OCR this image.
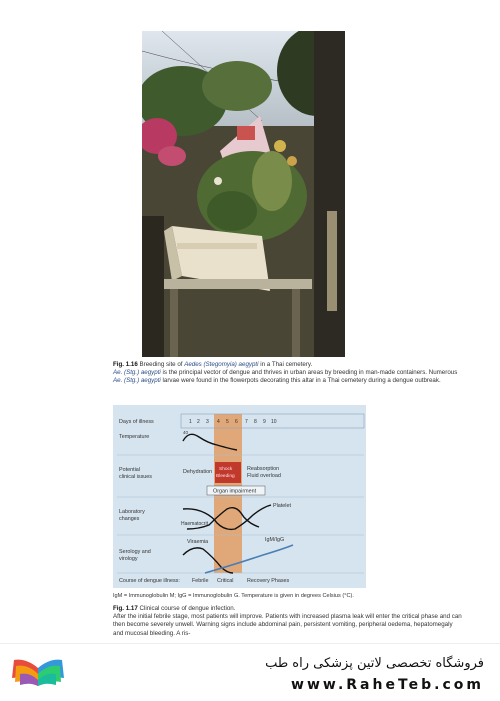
Fig. 1.16 Breeding site of Aedes (Stegomyia) aegypti in a Thai cemetery.
Ae. (Stg.) aegypti is the principal vector of dengue and thrives in urban areas by breeding in man-made containers. Numerous Ae. (Stg.) aegypti larvae were found in the flowerpots decorating this altar in a Thai cemetery during a dengue outbreak.
Days of illness	1 2 3 4 5 6 7 8 9 10
Temperature
40
Potential
clinical issues
Dehydration Shock
Bleeding
Reabsorption
Fluid overload
Organ impairment
Laboratory
changes
Platelet
Haematocrit
Serology and
virology
Viraemia	IgM/IgG
Course of dengue illness: Febrile Critical	Recovery Phases
IgM = Immunoglobulin M; IgG = Immunoglobulin G. Temperature is given in degrees Celsius (°C).
Fig. 1.17 Clinical course of dengue infection.
After the initial febrile stage, most patients will improve. Patients with increased plasma leak will enter the critical phase and can then become severely unwell. Warning signs include abdominal pain, persistent vomiting, peripheral oedema, hepatomegaly and mucosal bleeding. A ris-
فروشگاه تخصصی لاتین پزشکی راه طب
www.RaheTeb.com
